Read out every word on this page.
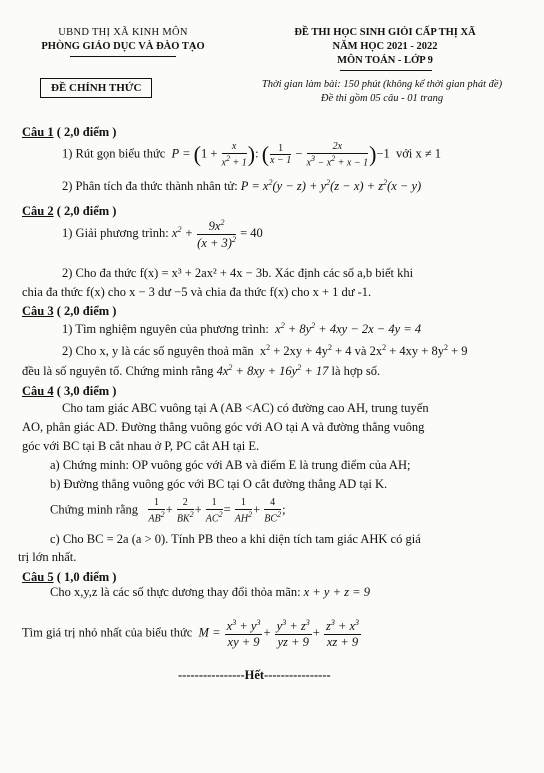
UBND THỊ XÃ KINH MÔN
PHÒNG GIÁO DỤC VÀ ĐÀO TẠO
ĐỀ CHÍNH THỨC
ĐỀ THI HỌC SINH GIỎI CẤP THỊ XÃ
NĂM HỌC 2021 - 2022
MÔN TOÁN - LỚP 9
Thời gian làm bài: 150 phút (không kể thời gian phát đề)
Đề thi gồm 05 câu - 01 trang
Câu 1 ( 2,0 điểm )
1) Rút gọn biểu thức  $P = (1 + \frac{x}{x^2 + 1}$ ): ( $\frac{1}{x - 1} - \frac{2x}{x^3 - x^2 + x - 1} )-1$  với x ≠ 1
2) Phân tích đa thức thành nhân tử: $P = x^2(y - z) + y^2(z - x) + z^2(x - y)$
Câu 2 ( 2,0 điểm )
1) Giải phương trình: $x^2 + \frac{9x^2}{(x + 3)^2} = 40$
2) Cho đa thức f(x) = x³ + 2ax² + 4x − 3b. Xác định các số a,b biết khi
chia đa thức f(x) cho x − 3 dư −5 và chia đa thức f(x) cho x + 1 dư -1.
Câu 3 ( 2,0 điểm )
1) Tìm nghiệm nguyên của phương trình:  $x^2 + 8y^2 + 4xy - 2x - 4y = 4$
2) Cho x, y là các số nguyên thoả mãn  $x^2 + 2xy + 4y^2 + 4$ và $2x^2 + 4xy + 8y^2 + 9$
đều là số nguyên tố. Chứng minh rằng $4x^2 + 8xy + 16y^2 + 17$ là hợp số.
Câu 4 ( 3,0 điểm )
Cho tam giác ABC vuông tại A (AB <AC) có đường cao AH, trung tuyến
AO, phân giác AD. Đường thẳng vuông góc với AO tại A và đường thẳng vuông
góc với BC tại B cắt nhau ở P, PC cắt AH tại E.
a) Chứng minh: OP vuông góc với AB và điểm E là trung điểm của AH;
b) Đường thẳng vuông góc với BC tại O cắt đường thẳng AD tại K.
Chứng minh rằng $\frac{1}{AB^2} + \frac{2}{BK^2} + \frac{1}{AC^2} = \frac{1}{AH^2} + \frac{4}{BC^2}$ ;
c) Cho BC = 2a (a > 0). Tính PB theo a khi diện tích tam giác AHK có giá
trị lớn nhất.
Câu 5 ( 1,0 điểm )
Cho x,y,z là các số thực dương thay đổi thỏa mãn: x + y + z = 9
Tìm giá trị nhỏ nhất của biểu thức $M = \frac{x^3 + y^3}{xy + 9} + \frac{y^3 + z^3}{yz + 9} + \frac{z^3 + x^3}{xz + 9}$
----------------Hết----------------
